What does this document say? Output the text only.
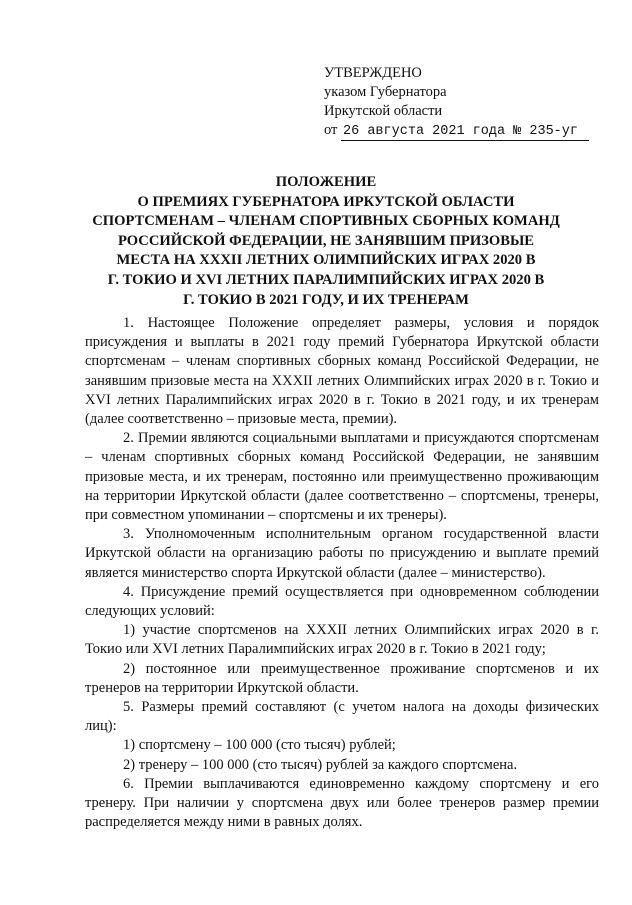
УТВЕРЖДЕНО
указом Губернатора
Иркутской области
от 26 августа 2021 года № 235-уг
ПОЛОЖЕНИЕ
О ПРЕМИЯХ ГУБЕРНАТОРА ИРКУТСКОЙ ОБЛАСТИ
СПОРТСМЕНАМ – ЧЛЕНАМ СПОРТИВНЫХ СБОРНЫХ КОМАНД
РОССИЙСКОЙ ФЕДЕРАЦИИ, НЕ ЗАНЯВШИМ ПРИЗОВЫЕ
МЕСТА НА XXXII ЛЕТНИХ ОЛИМПИЙСКИХ ИГРАХ 2020 В
Г. ТОКИО И XVI ЛЕТНИХ ПАРАЛИМПИЙСКИХ ИГРАХ 2020 В
Г. ТОКИО В 2021 ГОДУ, И ИХ ТРЕНЕРАМ

1. Настоящее Положение определяет размеры, условия и порядок присуждения и выплаты в 2021 году премий Губернатора Иркутской области спортсменам – членам спортивных сборных команд Российской Федерации, не занявшим призовые места на XXXII летних Олимпийских играх 2020 в г. Токио и XVI летних Паралимпийских играх 2020 в г. Токио в 2021 году, и их тренерам (далее соответственно – призовые места, премии).

2. Премии являются социальными выплатами и присуждаются спортсменам – членам спортивных сборных команд Российской Федерации, не занявшим призовые места, и их тренерам, постоянно или преимущественно проживающим на территории Иркутской области (далее соответственно – спортсмены, тренеры, при совместном упоминании – спортсмены и их тренеры).

3. Уполномоченным исполнительным органом государственной власти Иркутской области на организацию работы по присуждению и выплате премий является министерство спорта Иркутской области (далее – министерство).

4. Присуждение премий осуществляется при одновременном соблюдении следующих условий:

1) участие спортсменов на XXXII летних Олимпийских играх 2020 в г. Токио или XVI летних Паралимпийских играх 2020 в г. Токио в 2021 году;

2) постоянное или преимущественное проживание спортсменов и их тренеров на территории Иркутской области.

5. Размеры премий составляют (с учетом налога на доходы физических лиц):

1) спортсмену – 100 000 (сто тысяч) рублей;

2) тренеру – 100 000 (сто тысяч) рублей за каждого спортсмена.

6. Премии выплачиваются единовременно каждому спортсмену и его тренеру. При наличии у спортсмена двух или более тренеров размер премии распределяется между ними в равных долях.
